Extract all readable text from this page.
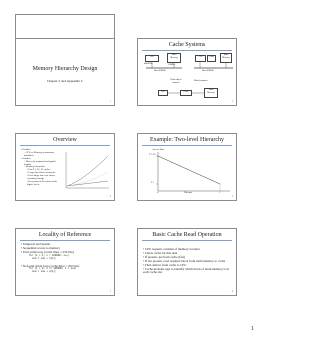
Cache Systems
CPU
400MHz
Main Memory
10MHz
Bus 66MHz
CPU	Cache
Main Memory
Bus 66MHz
Data object transfer
Block transfer
CPU	Cache
Main Memory
2
Memory Hierarchy Design
Chapter 5 and Appendix C
1
Overview
• Problem
– CPU vs Memory performance imbalance
• Solution
– Driven by temporal and spatial locality
– Memory hierarchies
• Fast L1, L2, L3 caches
• Larger but slower memories
• Even larger but even slower secondary storage
• Keep most of the action in the higher levels
4
Example: Two-level Hierarchy
Access Time
T1+T2
T1
0	Hit ratio	1
3
Locality of Reference
• Temporal and Spatial
• Sequential access to memory
• Unit-stride loop (cache lines = 256 bits)
for (i = 1; i < 100000; i++)
sum = sum + a[i];
• Non-unit stride loop (cache lines = 256 bits)
for (i = 0; i <= 100000; i = i+8)
sum = sum + a[i];
5
Basic Cache Read Operation
• CPU requests contents of memory location
• Check cache for this data
• If present, get from cache (fast)
• If not present, read required block from main memory to cache
• Then deliver from cache to CPU
• Cache includes tags to identify which block of main memory is in each cache slot
6
1
